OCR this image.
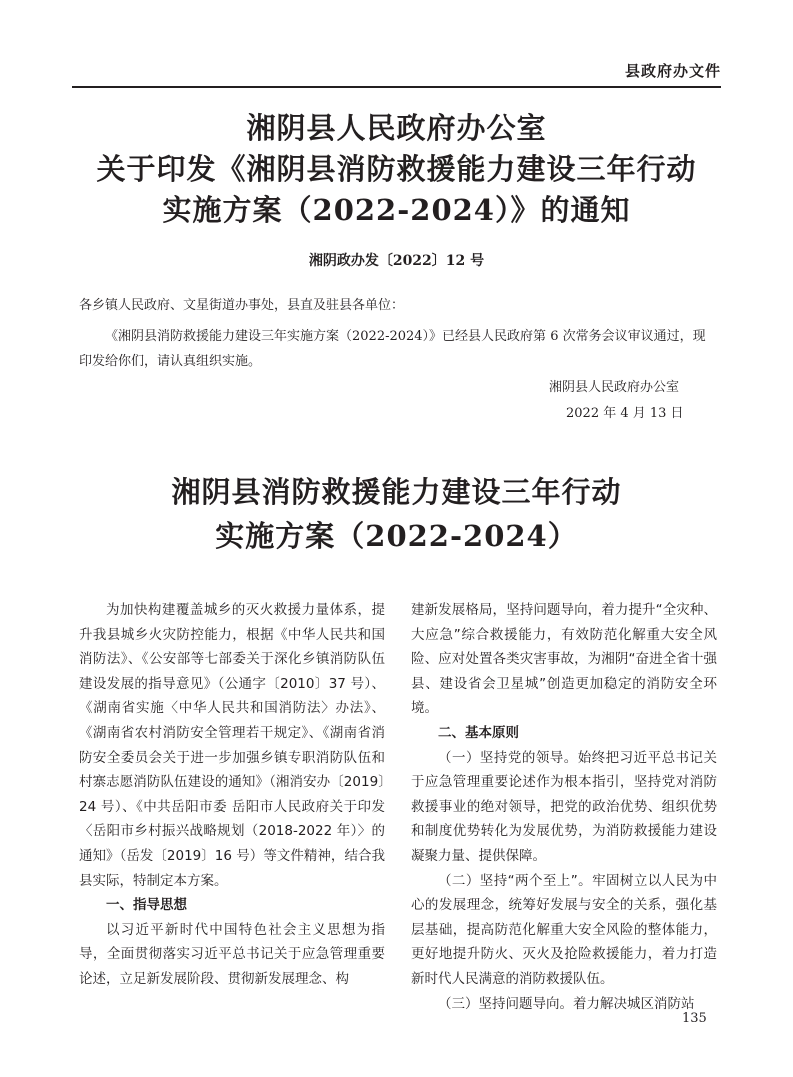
县政府办文件
湘阴县人民政府办公室
关于印发《湘阴县消防救援能力建设三年行动
实施方案（2022-2024）》的通知
湘阴政办发〔2022〕12 号
各乡镇人民政府、文星街道办事处，县直及驻县各单位：
《湘阴县消防救援能力建设三年实施方案（2022-2024）》已经县人民政府第 6 次常务会议审议通过，现印发给你们，请认真组织实施。
湘阴县人民政府办公室
2022 年 4 月 13 日
湘阴县消防救援能力建设三年行动
实施方案（2022-2024）

为加快构建覆盖城乡的灭火救援力量体系，提升我县城乡火灾防控能力，根据《中华人民共和国消防法》、《公安部等七部委关于深化乡镇消防队伍建设发展的指导意见》（公通字〔2010〕37 号）、《湖南省实施〈中华人民共和国消防法〉办法》、《湖南省农村消防安全管理若干规定》、《湖南省消防安全委员会关于进一步加强乡镇专职消防队伍和村寨志愿消防队伍建设的通知》（湘消安办〔2019〕24 号）、《中共岳阳市委 岳阳市人民政府关于印发〈岳阳市乡村振兴战略规划（2018-2022 年）〉的通知》（岳发〔2019〕16 号）等文件精神，结合我县实际，特制定本方案。

一、指导思想

以习近平新时代中国特色社会主义思想为指导，全面贯彻落实习近平总书记关于应急管理重要论述，立足新发展阶段、贯彻新发展理念、构

建新发展格局，坚持问题导向，着力提升“全灾种、大应急”综合救援能力，有效防范化解重大安全风险、应对处置各类灾害事故，为湘阴“奋进全省十强县、建设省会卫星城”创造更加稳定的消防安全环境。

二、基本原则

（一）坚持党的领导。始终把习近平总书记关于应急管理重要论述作为根本指引，坚持党对消防救援事业的绝对领导，把党的政治优势、组织优势和制度优势转化为发展优势，为消防救援能力建设凝聚力量、提供保障。

（二）坚持“两个至上”。牢固树立以人民为中心的发展理念，统筹好发展与安全的关系，强化基层基础，提高防范化解重大安全风险的整体能力，更好地提升防火、灭火及抢险救援能力，着力打造新时代人民满意的消防救援队伍。

（三）坚持问题导向。着力解决城区消防站

135
